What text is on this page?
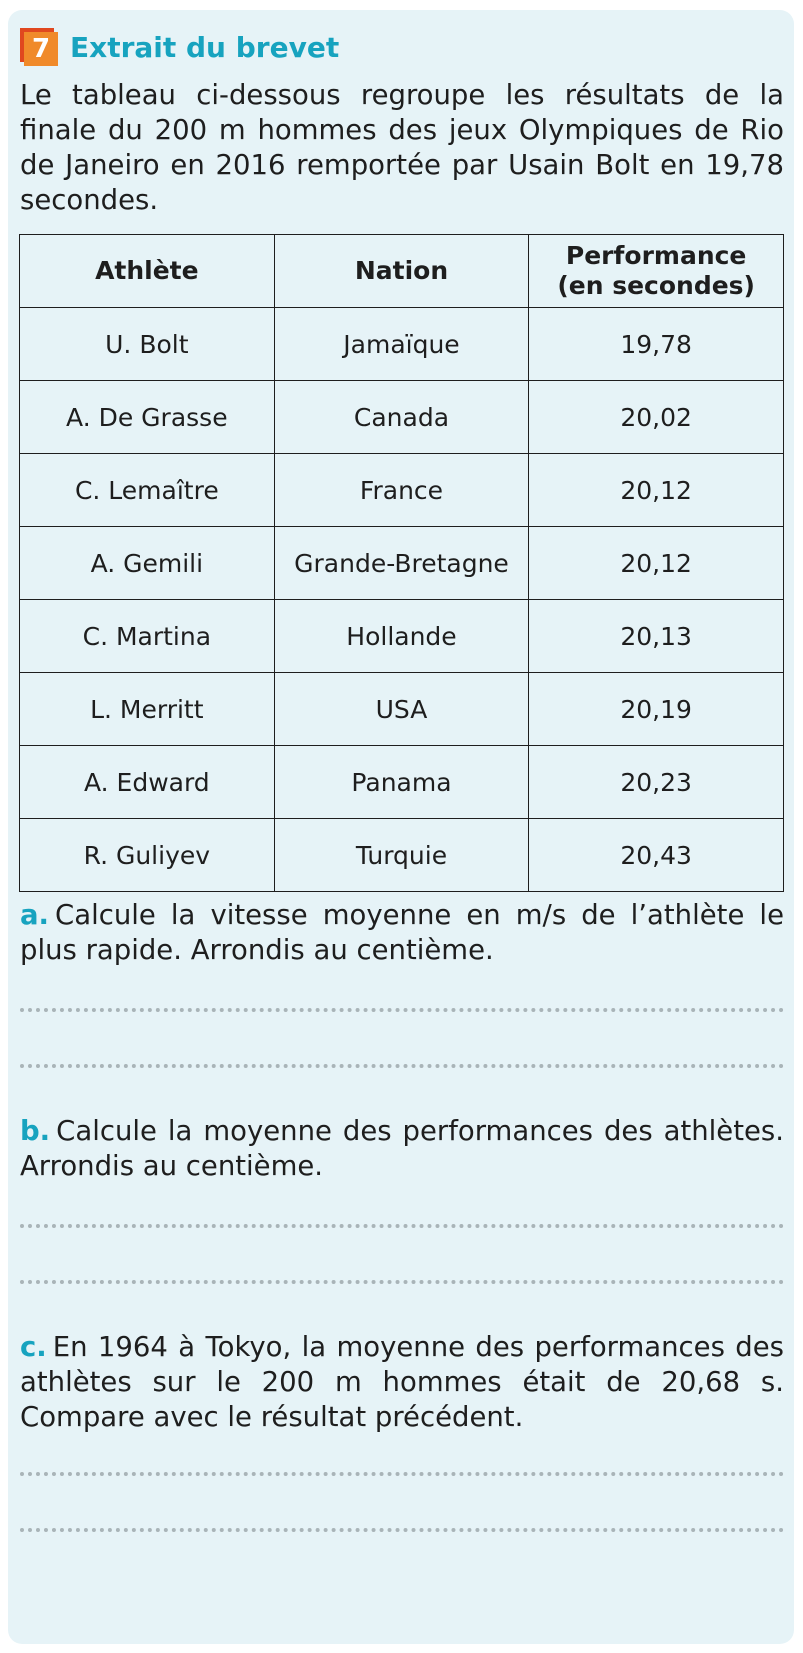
7 Extrait du brevet
Le tableau ci-dessous regroupe les résultats de la finale du 200 m hommes des jeux Olympiques de Rio de Janeiro en 2016 remportée par Usain Bolt en 19,78 secondes.
Athlète	Nation	Performance
(en secondes)
U. Bolt	Jamaïque	19,78
A. De Grasse	Canada	20,02
C. Lemaître	France	20,12
A. Gemili	Grande-Bretagne	20,12
C. Martina	Hollande	20,13
L. Merritt	USA	20,19
A. Edward	Panama	20,23
R. Guliyev	Turquie	20,43
a. Calcule la vitesse moyenne en m/s de l’athlète le plus rapide. Arrondis au centième.
b. Calcule la moyenne des performances des athlètes. Arrondis au centième.
c. En 1964 à Tokyo, la moyenne des performances des athlètes sur le 200 m hommes était de 20,68 s. Compare avec le résultat précédent.
